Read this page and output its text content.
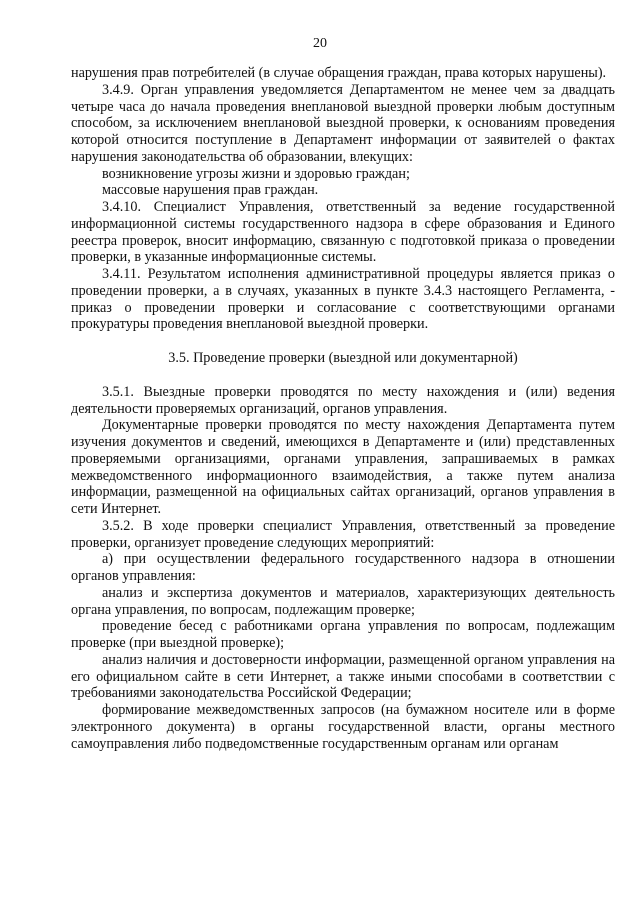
20

нарушения прав потребителей (в случае обращения граждан, права которых нарушены).

3.4.9. Орган управления уведомляется Департаментом не менее чем за двадцать четыре часа до начала проведения внеплановой выездной проверки любым доступным способом, за исключением внеплановой выездной проверки, к основаниям проведения которой относится поступление в Департамент информации от заявителей о фактах нарушения законодательства об образовании, влекущих:

возникновение угрозы жизни и здоровью граждан;

массовые нарушения прав граждан.

3.4.10. Специалист Управления, ответственный за ведение государственной информационной системы государственного надзора в сфере образования и Единого реестра проверок, вносит информацию, связанную с подготовкой приказа о проведении проверки, в указанные информационные системы.

3.4.11. Результатом исполнения административной процедуры является приказ о проведении проверки, а в случаях, указанных в пункте 3.4.3 настоящего Регламента, - приказ о проведении проверки и согласование с соответствующими органами прокуратуры проведения внеплановой выездной проверки.

3.5. Проведение проверки (выездной или документарной)

3.5.1. Выездные проверки проводятся по месту нахождения и (или) ведения деятельности проверяемых организаций, органов управления.

Документарные проверки проводятся по месту нахождения Департамента путем изучения документов и сведений, имеющихся в Департаменте и (или) представленных проверяемыми организациями, органами управления, запрашиваемых в рамках межведомственного информационного взаимодействия, а также путем анализа информации, размещенной на официальных сайтах организаций, органов управления в сети Интернет.

3.5.2. В ходе проверки специалист Управления, ответственный за проведение проверки, организует проведение следующих мероприятий:

а) при осуществлении федерального государственного надзора в отношении органов управления:

анализ и экспертиза документов и материалов, характеризующих деятельность органа управления, по вопросам, подлежащим проверке;

проведение бесед с работниками органа управления по вопросам, подлежащим проверке (при выездной проверке);

анализ наличия и достоверности информации, размещенной органом управления на его официальном сайте в сети Интернет, а также иными способами в соответствии с требованиями законодательства Российской Федерации;

формирование межведомственных запросов (на бумажном носителе или в форме электронного документа) в органы государственной власти, органы местного самоуправления либо подведомственные государственным органам или органам
